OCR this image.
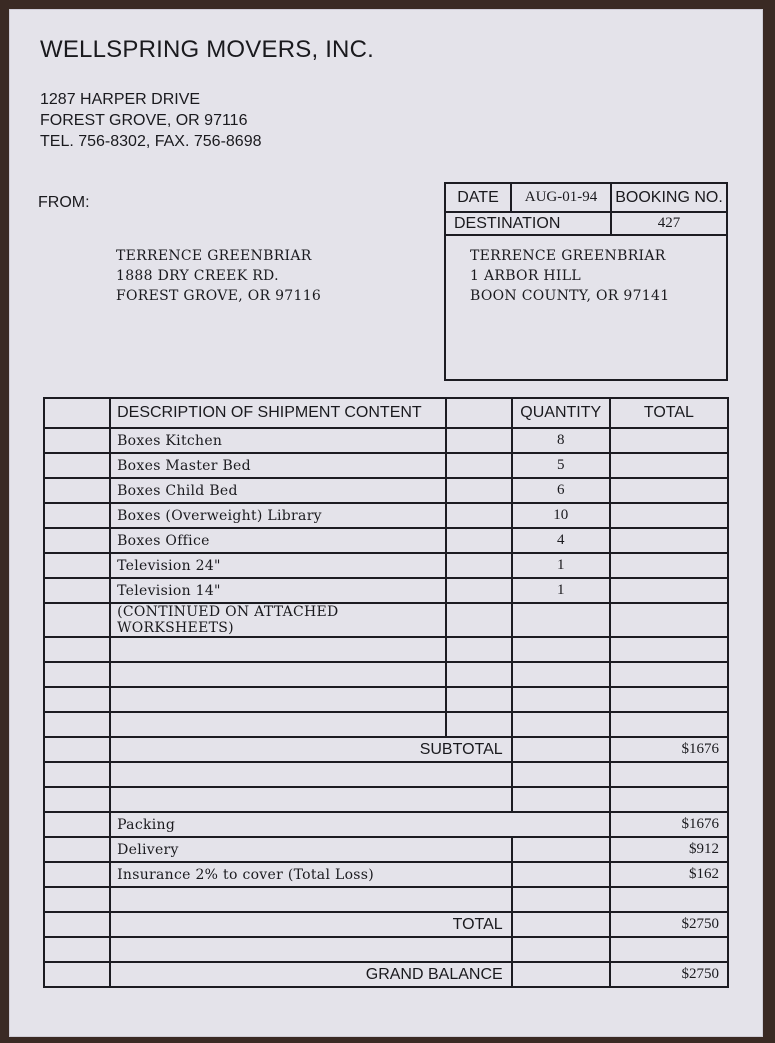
WELLSPRING MOVERS, INC.
1287 HARPER DRIVE
FOREST GROVE, OR 97116
TEL. 756-8302, FAX. 756-8698
FROM:
TERRENCE GREENBRIAR
1888 DRY CREEK RD.
FOREST GROVE, OR 97116
DATE	AUG-01-94	BOOKING NO.
DESTINATION	427
TERRENCE GREENBRIAR
1 ARBOR HILL
BOON COUNTY, OR 97141
	DESCRIPTION OF SHIPMENT CONTENT		QUANTITY	TOTAL
	Boxes Kitchen		8	
	Boxes Master Bed		5	
	Boxes Child Bed		6	
	Boxes (Overweight) Library		10	
	Boxes Office		4	
	Television 24"		1	
	Television 14"		1	
	(CONTINUED ON ATTACHED WORKSHEETS)			

	SUBTOTAL			$1676

	Packing			$1676
	Delivery			$912
	Insurance 2% to cover (Total Loss)			$162

	TOTAL			$2750

	GRAND BALANCE			$2750
